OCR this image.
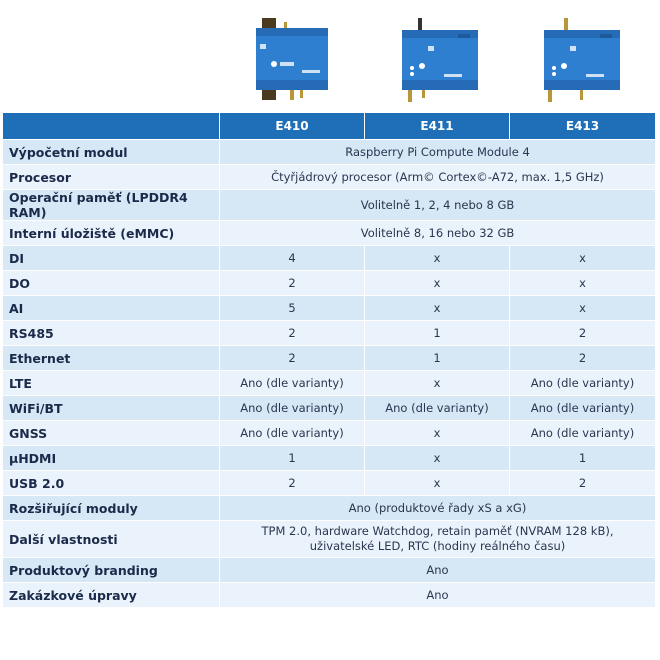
	E410	E411	E413
Výpočetní modul	Raspberry Pi Compute Module 4		
Procesor	Čtyřjádrový procesor (Arm© Cortex©-A72, max. 1,5 GHz)		
Operační paměť (LPDDR4 RAM)	Volitelně 1, 2, 4 nebo 8 GB		
Interní úložiště (eMMC)	Volitelně 8, 16 nebo 32 GB		
DI	4	x	x
DO	2	x	x
AI	5	x	x
RS485	2	1	2
Ethernet	2	1	2
LTE	Ano (dle varianty)	x	Ano (dle varianty)
WiFi/BT	Ano (dle varianty)	Ano (dle varianty)	Ano (dle varianty)
GNSS	Ano (dle varianty)	x	Ano (dle varianty)
µHDMI	1	x	1
USB 2.0	2	x	2
Rozšiřující moduly	Ano (produktové řady xS a xG)		
Další vlastnosti	TPM 2.0, hardware Watchdog, retain paměť (NVRAM 128 kB),
uživatelské LED, RTC (hodiny reálného času)		

Produktový branding	Ano		
Zakázkové úpravy	Ano		
